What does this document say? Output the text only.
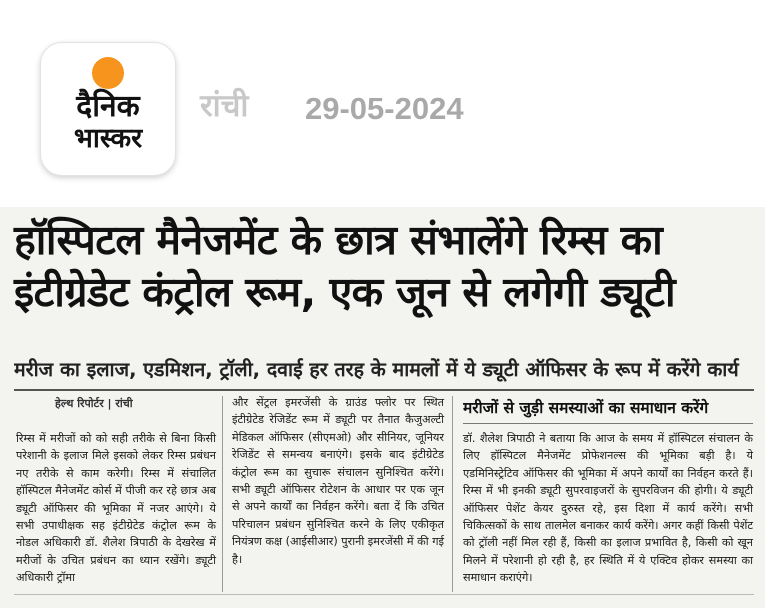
दैनिक
भास्कर
रांची 29-05-2024
हॉस्पिटल मैनेजमेंट के छात्र संभालेंगे रिम्स का
इंटीग्रेडेट कंट्रोल रूम, एक जून से लगेगी ड्यूटी
मरीज का इलाज, एडमिशन, ट्रॉली, दवाई हर तरह के मामलों में ये ड्यूटी ऑफिसर के रूप में करेंगे कार्य
हेल्थ रिपोर्टर | रांची
रिम्स में मरीजों को को सही तरीके से बिना किसी परेशानी के इलाज मिले इसको लेकर रिम्स प्रबंधन नए तरीके से काम करेगी। रिम्स में संचालित हॉस्पिटल मैनेजमेंट कोर्स में पीजी कर रहे छात्र अब ड्यूटी ऑफिसर की भूमिका में नजर आएंगे। ये सभी उपाधीक्षक सह इंटीग्रेटेड कंट्रोल रूम के नोडल अधिकारी डॉ. शैलेश त्रिपाठी के देखरेख में मरीजों के उचित प्रबंधन का ध्यान रखेंगे। ड्यूटी अधिकारी ट्रॉमा
और सेंट्रल इमरजेंसी के ग्राउंड फ्लोर पर स्थित इंटीग्रेटेड रेजिडेंट रूम में ड्यूटी पर तैनात कैजुअल्टी मेडिकल ऑफिसर (सीएमओ) और सीनियर, जूनियर रेजिडेंट से समन्वय बनाएंगे। इसके बाद इंटीग्रेटेड कंट्रोल रूम का सुचारू संचालन सुनिश्चित करेंगे। सभी ड्यूटी ऑफिसर रोटेशन के आधार पर एक जून से अपने कार्यों का निर्वहन करेंगे। बता दें कि उचित परिचालन प्रबंधन सुनिश्चित करने के लिए एकीकृत नियंत्रण कक्ष (आईसीआर) पुरानी इमरजेंसी में की गई है।
मरीजों से जुड़ी समस्याओं का समाधान करेंगे
डॉ. शैलेश त्रिपाठी ने बताया कि आज के समय में हॉस्पिटल संचालन के लिए हॉस्पिटल मैनेजमेंट प्रोफेशनल्स की भूमिका बड़ी है। ये एडमिनिस्ट्रेटिव ऑफिसर की भूमिका में अपने कार्यों का निर्वहन करते हैं। रिम्स में भी इनकी ड्यूटी सुपरवाइजरों के सुपरविजन की होगी। ये ड्यूटी ऑफिसर पेशेंट केयर दुरुस्त रहे, इस दिशा में कार्य करेंगे। सभी चिकित्सकों के साथ तालमेल बनाकर कार्य करेंगे। अगर कहीं किसी पेशेंट को ट्रॉली नहीं मिल रही हैं, किसी का इलाज प्रभावित है, किसी को खून मिलने में परेशानी हो रही है, हर स्थिति में ये एक्टिव होकर समस्या का समाधान कराएंगे।
